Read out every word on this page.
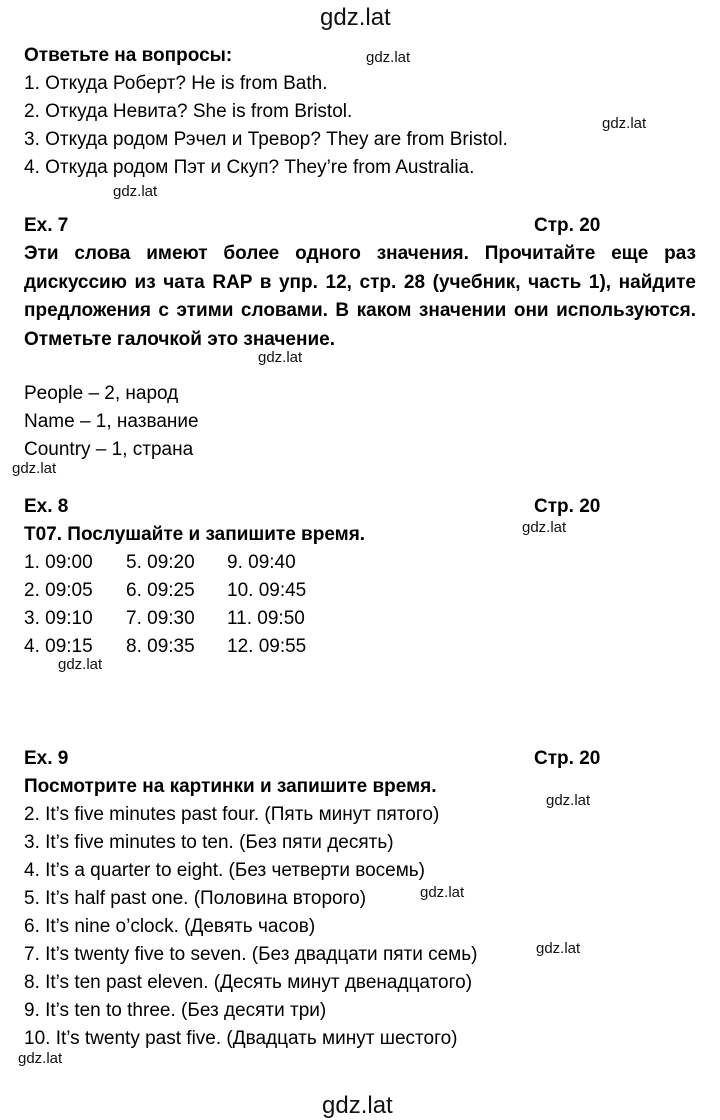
gdz.lat
gdz.lat
gdz.lat
gdz.lat
gdz.lat
gdz.lat
gdz.lat
gdz.lat
gdz.lat
gdz.lat
gdz.lat
gdz.lat
gdz.lat
Ответьте на вопросы:
1. Откуда Роберт? He is from Bath.
2. Откуда Невита? She is from Bristol.
3. Откуда родом Рэчел и Тревор? They are from Bristol.
4. Откуда родом Пэт и Скуп? They’re from Australia.
Ex. 7	Стр. 20
Эти слова имеют более одного значения. Прочитайте еще раз дискуссию из чата RAP в упр. 12, стр. 28 (учебник, часть 1), найдите предложения с этими словами. В каком значении они используются. Отметьте галочкой это значение.
People – 2, народ
Name – 1, название
Country – 1, страна
Ex. 8	Стр. 20
T07. Послушайте и запишите время.
1. 09:00	5. 09:20	9. 09:40
2. 09:05	6. 09:25	10. 09:45
3. 09:10	7. 09:30	11. 09:50
4. 09:15	8. 09:35	12. 09:55
Ex. 9	Стр. 20
Посмотрите на картинки и запишите время.
2. It’s five minutes past four. (Пять минут пятого)
3. It’s five minutes to ten. (Без пяти десять)
4. It’s a quarter to eight. (Без четверти восемь)
5. It’s half past one. (Половина второго)
6. It’s nine o’clock. (Девять часов)
7. It’s twenty five to seven. (Без двадцати пяти семь)
8. It’s ten past eleven. (Десять минут двенадцатого)
9. It’s ten to three. (Без десяти три)
10. It’s twenty past five. (Двадцать минут шестого)
